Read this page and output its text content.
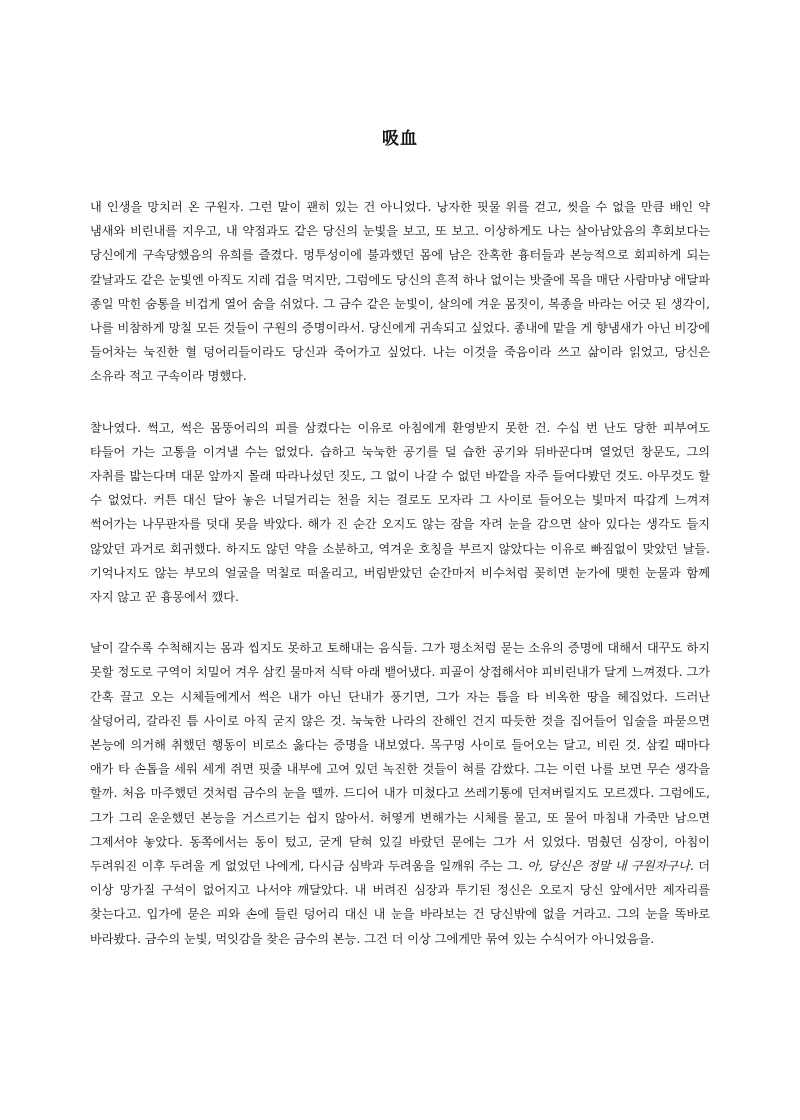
吸血

내 인생을 망치러 온 구원자. 그런 말이 괜히 있는 건 아니었다. 낭자한 핏물 위를 걷고, 씻을 수 없을 만큼 배인 약 냄새와 비린내를 지우고, 내 약점과도 같은 당신의 눈빛을 보고, 또 보고. 이상하게도 나는 살아남았음의 후회보다는 당신에게 구속당했음의 유희를 즐겼다. 멍투성이에 불과했던 몸에 남은 잔혹한 흉터들과 본능적으로 회피하게 되는 칼날과도 같은 눈빛엔 아직도 지레 겁을 먹지만, 그럼에도 당신의 흔적 하나 없이는 밧줄에 목을 매단 사람마냥 애달파 종일 막힌 숨통을 비겁게 열어 숨을 쉬었다. 그 금수 같은 눈빛이, 살의에 겨운 몸짓이, 복종을 바라는 어긋 된 생각이, 나를 비참하게 망칠 모든 것들이 구원의 증명이라서. 당신에게 귀속되고 싶었다. 종내에 맡을 게 향냄새가 아닌 비강에 들어차는 눅진한 혈 덩어리들이라도 당신과 죽어가고 싶었다. 나는 이것을 죽음이라 쓰고 삶이라 읽었고, 당신은 소유라 적고 구속이라 명했다.

찰나였다. 썩고, 썩은 몸뚱어리의 피를 삼켰다는 이유로 아침에게 환영받지 못한 건. 수십 번 난도 당한 피부여도 타들어 가는 고통을 이겨낼 수는 없었다. 습하고 눅눅한 공기를 덜 습한 공기와 뒤바꾼다며 열었던 창문도, 그의 자취를 밟는다며 대문 앞까지 몰래 따라나섰던 짓도, 그 없이 나갈 수 없던 바깥을 자주 들여다봤던 것도. 아무것도 할 수 없었다. 커튼 대신 달아 놓은 너덜거리는 천을 치는 걸로도 모자라 그 사이로 들어오는 빛마저 따갑게 느껴져 썩어가는 나무판자를 덧대 못을 박았다. 해가 진 순간 오지도 않는 잠을 자려 눈을 감으면 살아 있다는 생각도 들지 않았던 과거로 회귀했다. 하지도 않던 약을 소분하고, 역겨운 호칭을 부르지 않았다는 이유로 빠짐없이 맞았던 날들. 기억나지도 않는 부모의 얼굴을 먹칠로 떠올리고, 버림받았던 순간마저 비수처럼 꽂히면 눈가에 맺힌 눈물과 함께 자지 않고 꾼 흉몽에서 깼다.

날이 갈수록 수척해지는 몸과 씹지도 못하고 토해내는 음식들. 그가 평소처럼 묻는 소유의 증명에 대해서 대꾸도 하지 못할 정도로 구역이 치밀어 겨우 삼킨 물마저 식탁 아래 뱉어냈다. 피골이 상접해서야 피비린내가 달게 느껴졌다. 그가 간혹 끌고 오는 시체들에게서 썩은 내가 아닌 단내가 풍기면, 그가 자는 틈을 타 비옥한 땅을 헤집었다. 드러난 살덩어리, 갈라진 틈 사이로 아직 굳지 않은 것. 눅눅한 나라의 잔해인 건지 따듯한 것을 집어들어 입술을 파묻으면 본능에 의거해 취했던 행동이 비로소 옳다는 증명을 내보였다. 목구멍 사이로 들어오는 달고, 비린 것. 삼킬 때마다 애가 타 손톱을 세워 세게 쥐면 핏줄 내부에 고여 있던 녹진한 것들이 혀를 감쌌다. 그는 이런 나를 보면 무슨 생각을 할까. 처음 마주했던 것처럼 금수의 눈을 뗄까. 드디어 내가 미쳤다고 쓰레기통에 던져버릴지도 모르겠다. 그럼에도, 그가 그리 운운했던 본능을 거스르기는 쉽지 않아서. 허옇게 변해가는 시체를 물고, 또 물어 마침내 가죽만 남으면 그제서야 놓았다. 동쪽에서는 동이 텄고, 굳게 닫혀 있길 바랐던 문에는 그가 서 있었다. 멈췄던 심장이, 아침이 두려워진 이후 두려울 게 없었던 나에게, 다시금 심박과 두려움을 일깨워 주는 그. 아, 당신은 정말 내 구원자구나. 더 이상 망가질 구석이 없어지고 나서야 깨달았다. 내 버려진 심장과 투기된 정신은 오로지 당신 앞에서만 제자리를 찾는다고. 입가에 묻은 피와 손에 들린 덩어리 대신 내 눈을 바라보는 건 당신밖에 없을 거라고. 그의 눈을 똑바로 바라봤다. 금수의 눈빛, 먹잇감을 찾은 금수의 본능. 그건 더 이상 그에게만 묶여 있는 수식어가 아니었음을.
